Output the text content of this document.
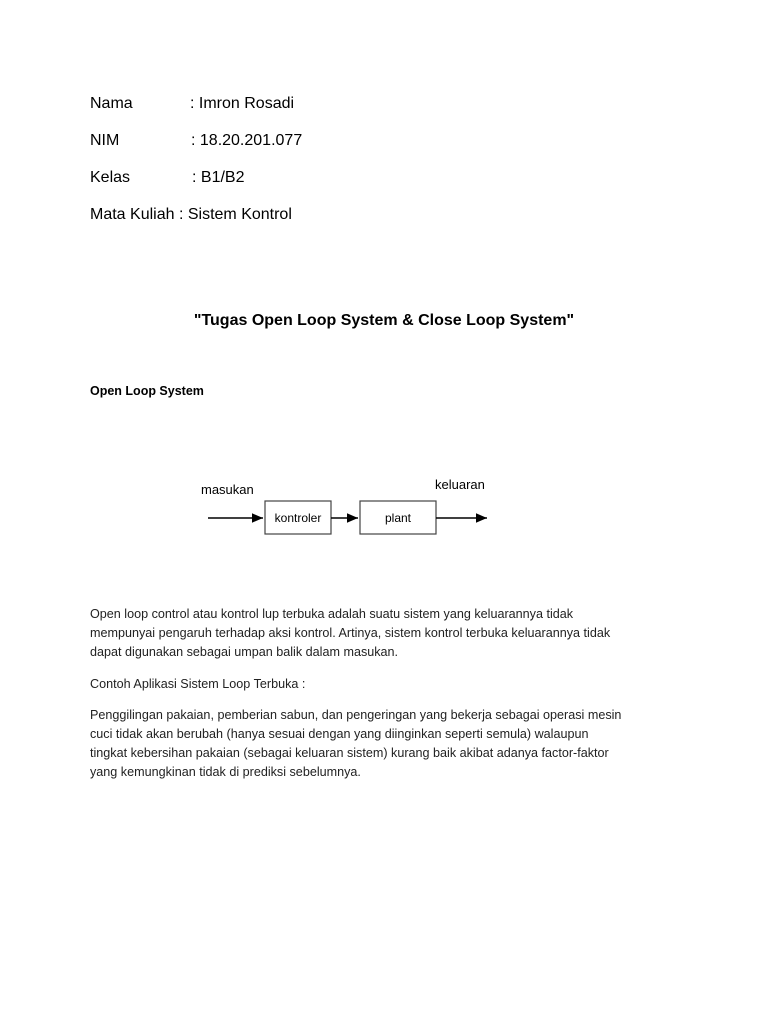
Nama	: Imron Rosadi
NIM	: 18.20.201.077
Kelas	: B1/B2
Mata Kuliah : Sistem Kontrol
"Tugas Open Loop System & Close Loop System"
Open Loop System
masukan	keluaran
kontroler	plant
Open loop control atau kontrol lup terbuka adalah suatu sistem yang keluarannya tidak
mempunyai pengaruh terhadap aksi kontrol. Artinya, sistem kontrol terbuka keluarannya tidak
dapat digunakan sebagai umpan balik dalam masukan.
Contoh Aplikasi Sistem Loop Terbuka :
Penggilingan pakaian, pemberian sabun, dan pengeringan yang bekerja sebagai operasi mesin
cuci tidak akan berubah (hanya sesuai dengan yang diinginkan seperti semula) walaupun
tingkat kebersihan pakaian (sebagai keluaran sistem) kurang baik akibat adanya factor-faktor
yang kemungkinan tidak di prediksi sebelumnya.
